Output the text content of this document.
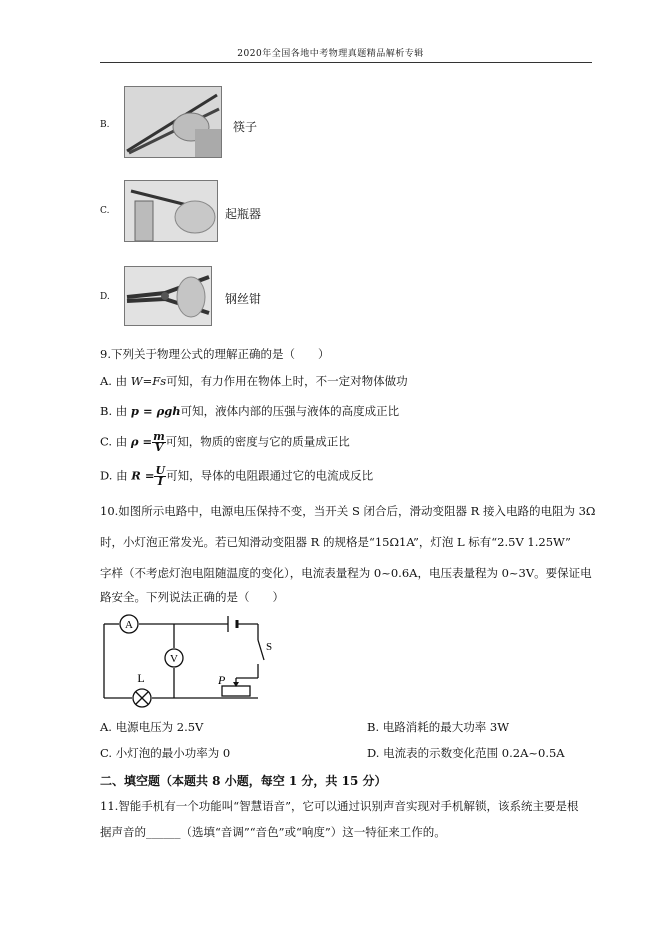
2020年全国各地中考物理真题精品解析专辑
B.	筷子
C.	起瓶器
D.	钢丝钳
9.下列关于物理公式的理解正确的是（　　）
A. 由 W=Fs可知，有力作用在物体上时，不一定对物体做功
B. 由 p = ρgh可知，液体内部的压强与液体的高度成正比
C. 由 $\rho = \frac{m}{V}$ 可知，物质的密度与它的质量成正比
D. 由 $R = \frac{U}{I}$ 可知，导体的电阻跟通过它的电流成反比
10.如图所示电路中，电源电压保持不变，当开关 S 闭合后，滑动变阻器 R 接入电路的电阻为 3Ω
时，小灯泡正常发光。若已知滑动变阻器 R 的规格是“15Ω1A”，灯泡 L 标有“2.5V 1.25W”
字样（不考虑灯泡电阻随温度的变化），电流表量程为 0~0.6A，电压表量程为 0~3V。要保证电
路安全。下列说法正确的是（　　）
A
V
L
S
P
A. 电源电压为 2.5V	B. 电路消耗的最大功率 3W
C. 小灯泡的最小功率为 0	D. 电流表的示数变化范围 0.2A~0.5A
二、填空题（本题共 8 小题，每空 1 分，共 15 分）
11.智能手机有一个功能叫“智慧语音”，它可以通过识别声音实现对手机解锁，该系统主要是根
据声音的______（选填“音调”“音色”或“响度”）这一特征来工作的。
